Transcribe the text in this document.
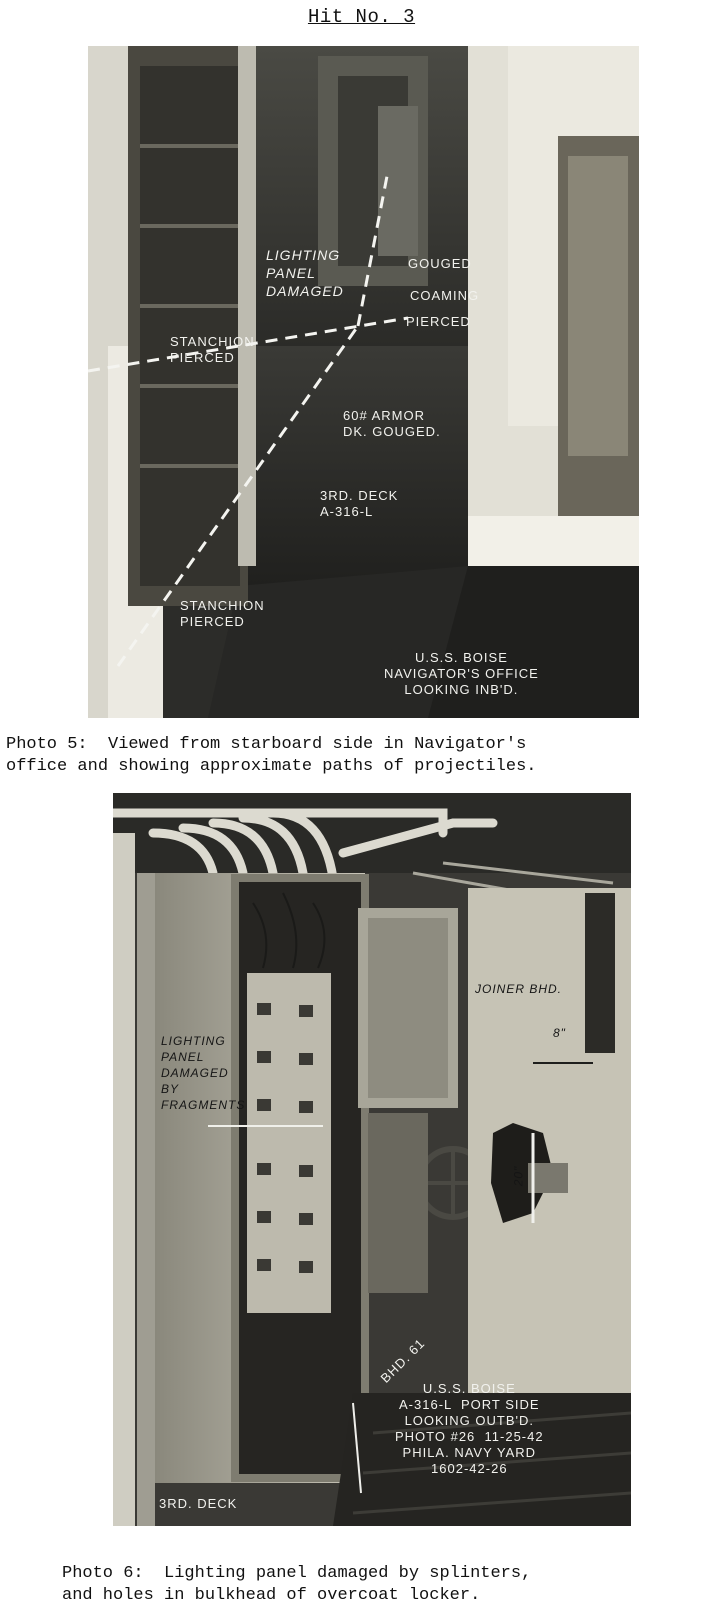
Hit No. 3
LIGHTING
PANEL
DAMAGED
GOUGED
COAMING
PIERCED
STANCHION
PIERCED
60# ARMOR
DK. GOUGED.
3RD. DECK
A-316-L
STANCHION
PIERCED
U.S.S. BOISE
NAVIGATOR'S OFFICE
LOOKING INB'D.
Photo 5:  Viewed from starboard side in Navigator's
office and showing approximate paths of projectiles.
JOINER BHD.
8"
LIGHTING
PANEL
DAMAGED
BY
FRAGMENTS
20"
BHD. 61
U.S.S. BOISE
A-316-L  PORT SIDE
LOOKING OUTB'D.
PHOTO #26  11-25-42
PHILA. NAVY YARD
1602-42-26
3RD. DECK
Photo 6:  Lighting panel damaged by splinters,
and holes in bulkhead of overcoat locker.
